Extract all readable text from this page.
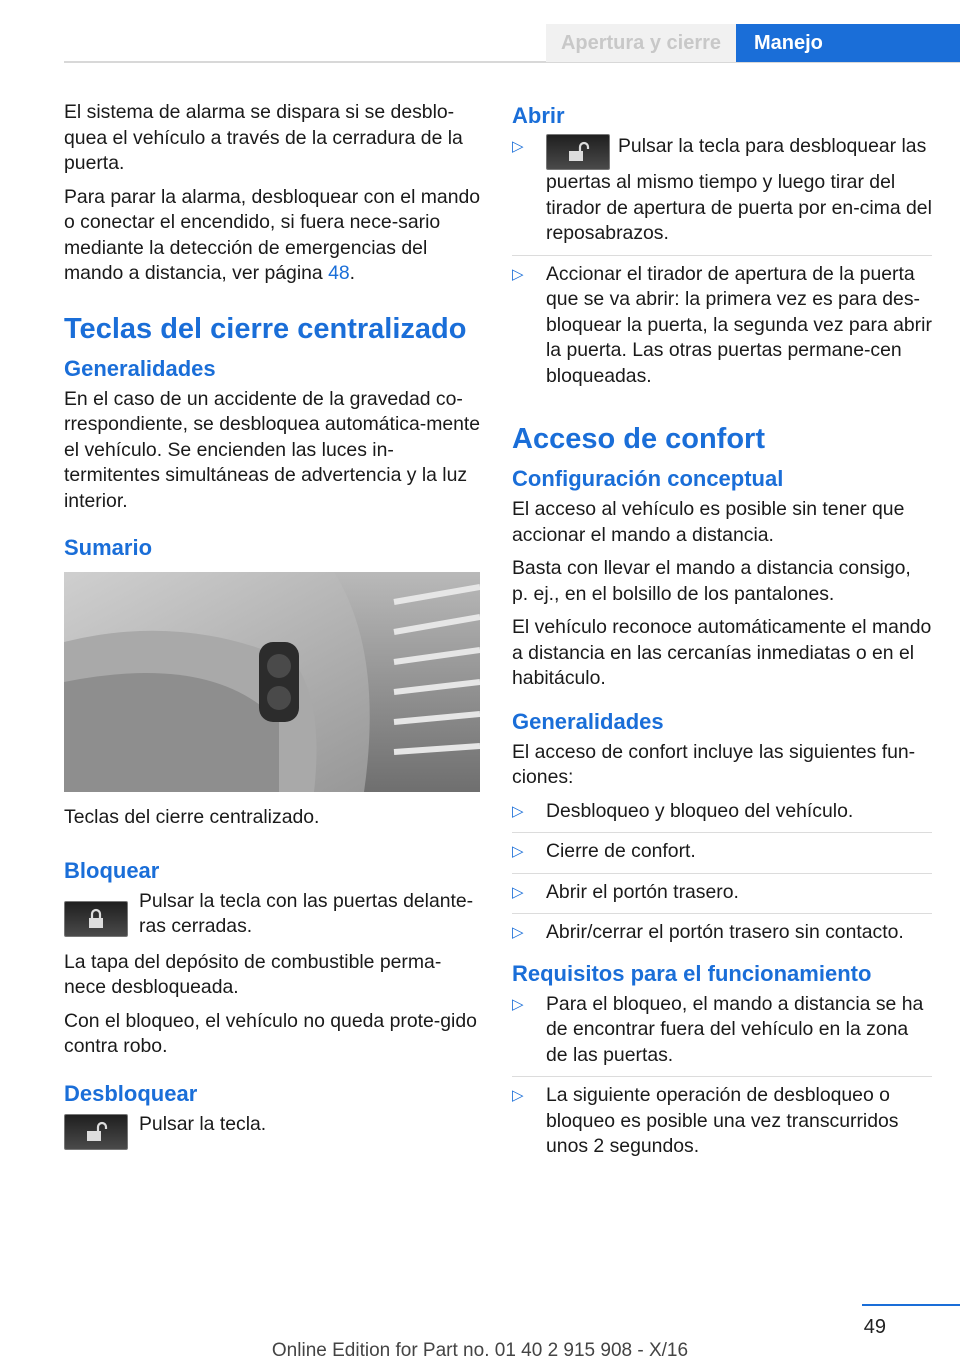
Apertura y cierre	Manejo

El sistema de alarma se dispara si se desblo-quea el vehículo a través de la cerradura de la puerta.

Para parar la alarma, desbloquear con el mando o conectar el encendido, si fuera nece-sario mediante la detección de emergencias del mando a distancia, ver página 48.

Teclas del cierre centralizado
Generalidades

En el caso de un accidente de la gravedad co-rrespondiente, se desbloquea automática-mente el vehículo. Se encienden las luces in-termitentes simultáneas de advertencia y la luz interior.

Sumario

Teclas del cierre centralizado.

Bloquear
Pulsar la tecla con las puertas delante-ras cerradas.

La tapa del depósito de combustible perma-nece desbloqueada.

Con el bloqueo, el vehículo no queda prote-gido contra robo.

Desbloquear
Pulsar la tecla.
Abrir
▷	Pulsar la tecla para desbloquear las puertas al mismo tiempo y luego tirar del tirador de apertura de puerta por en-cima del reposabrazos.
▷ Accionar el tirador de apertura de la puerta que se va abrir: la primera vez es para des-bloquear la puerta, la segunda vez para abrir la puerta. Las otras puertas permane-cen bloqueadas.
Acceso de confort
Configuración conceptual

El acceso al vehículo es posible sin tener que accionar el mando a distancia.

Basta con llevar el mando a distancia consigo, p. ej., en el bolsillo de los pantalones.

El vehículo reconoce automáticamente el mando a distancia en las cercanías inmediatas o en el habitáculo.

Generalidades

El acceso de confort incluye las siguientes fun-ciones:

▷ Desbloqueo y bloqueo del vehículo.
▷ Cierre de confort.
▷ Abrir el portón trasero.
▷ Abrir/cerrar el portón trasero sin contacto.
Requisitos para el funcionamiento
▷ Para el bloqueo, el mando a distancia se ha de encontrar fuera del vehículo en la zona de las puertas.
▷ La siguiente operación de desbloqueo o bloqueo es posible una vez transcurridos unos 2 segundos.
49
Online Edition for Part no. 01 40 2 915 908 - X/16
